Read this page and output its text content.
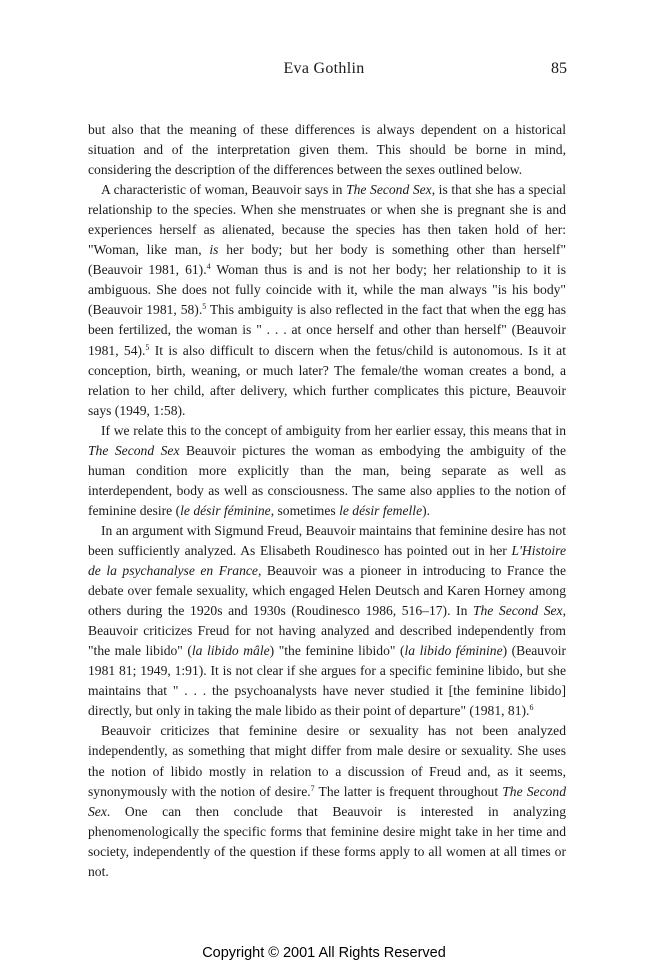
Eva Gothlin	85

but also that the meaning of these differences is always dependent on a historical situation and of the interpretation given them. This should be borne in mind, considering the description of the differences between the sexes outlined below.

A characteristic of woman, Beauvoir says in The Second Sex, is that she has a special relationship to the species. When she menstruates or when she is pregnant she is and experiences herself as alienated, because the species has then taken hold of her: "Woman, like man, is her body; but her body is something other than herself" (Beauvoir 1981, 61).$^4$ Woman thus is and is not her body; her relationship to it is ambiguous. She does not fully coincide with it, while the man always "is his body" (Beauvoir 1981, 58).$^5$ This ambiguity is also reflected in the fact that when the egg has been fertilized, the woman is " . . . at once herself and other than herself" (Beauvoir 1981, 54).$^5$ It is also difficult to discern when the fetus/child is autonomous. Is it at conception, birth, weaning, or much later? The female/the woman creates a bond, a relation to her child, after delivery, which further complicates this picture, Beauvoir says (1949, 1:58).

If we relate this to the concept of ambiguity from her earlier essay, this means that in The Second Sex Beauvoir pictures the woman as embodying the ambiguity of the human condition more explicitly than the man, being separate as well as interdependent, body as well as consciousness. The same also applies to the notion of feminine desire (le désir féminine, sometimes le désir femelle).

In an argument with Sigmund Freud, Beauvoir maintains that feminine desire has not been sufficiently analyzed. As Elisabeth Roudinesco has pointed out in her L'Histoire de la psychanalyse en France, Beauvoir was a pioneer in introducing to France the debate over female sexuality, which engaged Helen Deutsch and Karen Horney among others during the 1920s and 1930s (Roudinesco 1986, 516–17). In The Second Sex, Beauvoir criticizes Freud for not having analyzed and described independently from "the male libido" (la libido mâle) "the feminine libido" (la libido féminine) (Beauvoir 1981 81; 1949, 1:91). It is not clear if she argues for a specific feminine libido, but she maintains that " . . . the psychoanalysts have never studied it [the feminine libido] directly, but only in taking the male libido as their point of departure" (1981, 81).$^6$

Beauvoir criticizes that feminine desire or sexuality has not been analyzed independently, as something that might differ from male desire or sexuality. She uses the notion of libido mostly in relation to a discussion of Freud and, as it seems, synonymously with the notion of desire.$^7$ The latter is frequent throughout The Second Sex. One can then conclude that Beauvoir is interested in analyzing phenomenologically the specific forms that feminine desire might take in her time and society, independently of the question if these forms apply to all women at all times or not.

Copyright © 2001 All Rights Reserved
